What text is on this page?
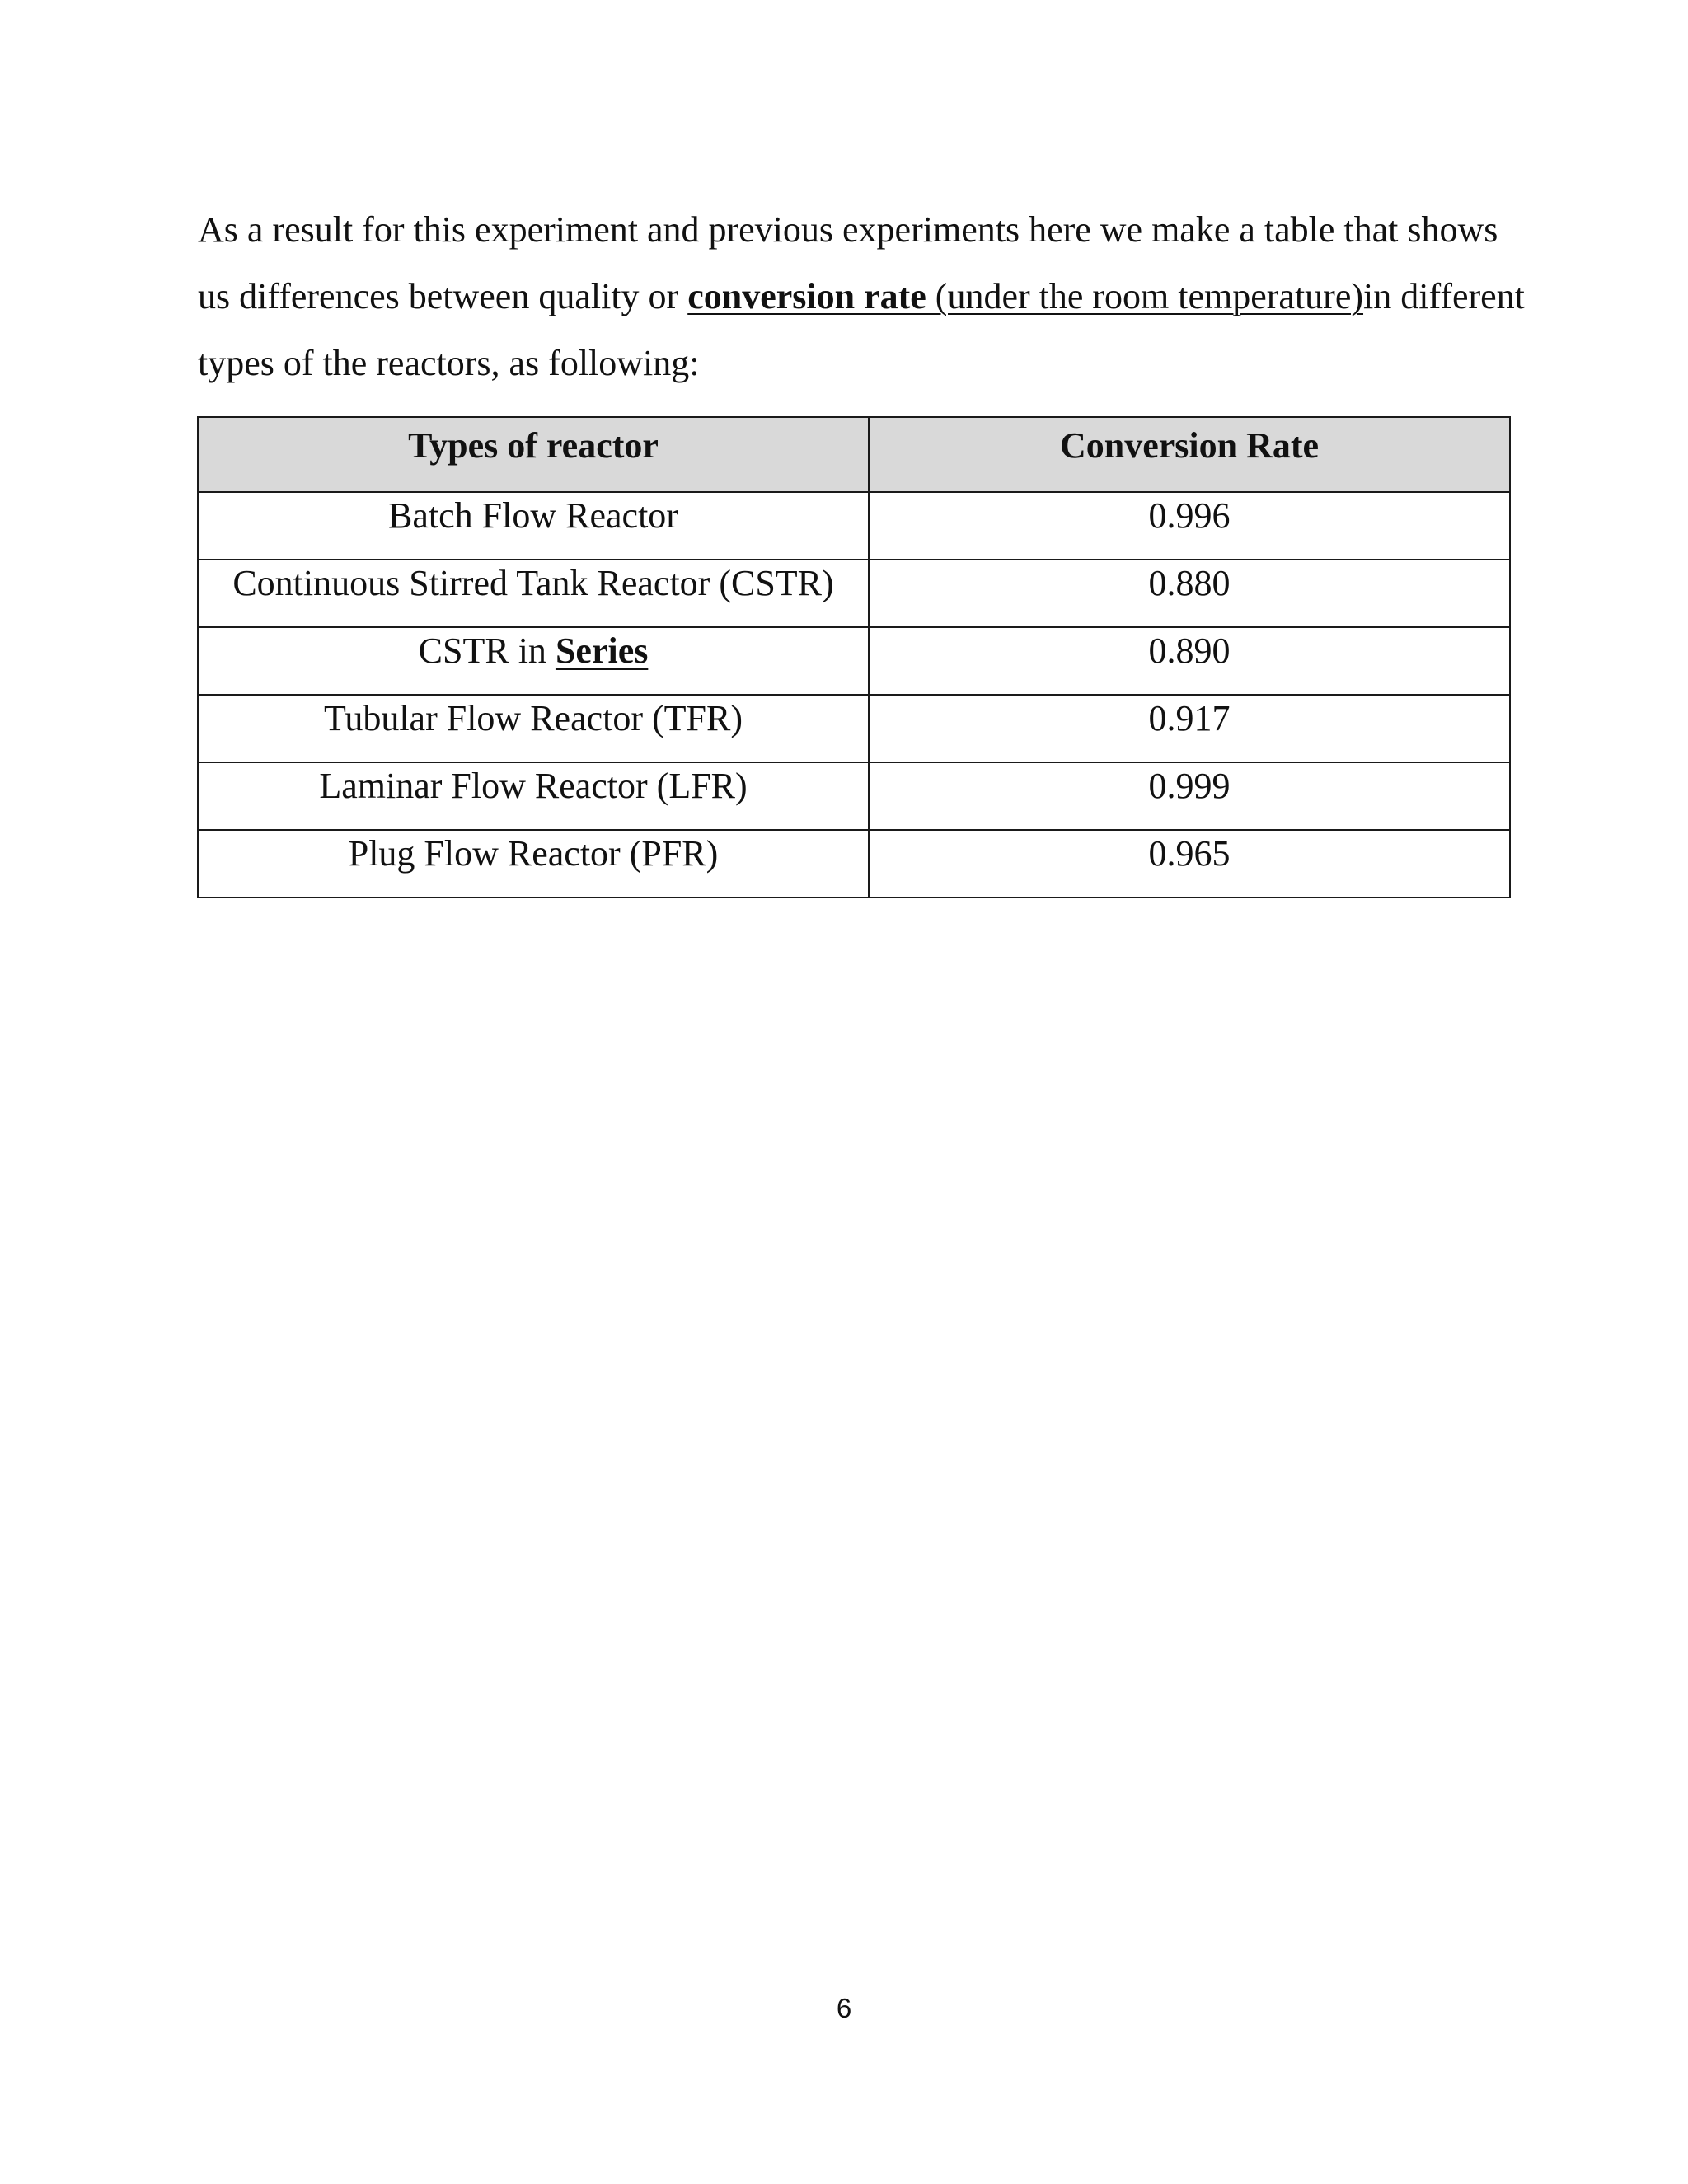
As a result for this experiment and previous experiments here we make a table that shows us differences between quality or conversion rate (under the room temperature)in different types of the reactors, as following:

Types of reactor	Conversion Rate
Batch Flow Reactor	0.996
Continuous Stirred Tank Reactor (CSTR)	0.880
CSTR in Series	0.890
Tubular Flow Reactor (TFR)	0.917
Laminar Flow Reactor (LFR)	0.999
Plug Flow Reactor (PFR)	0.965
6
